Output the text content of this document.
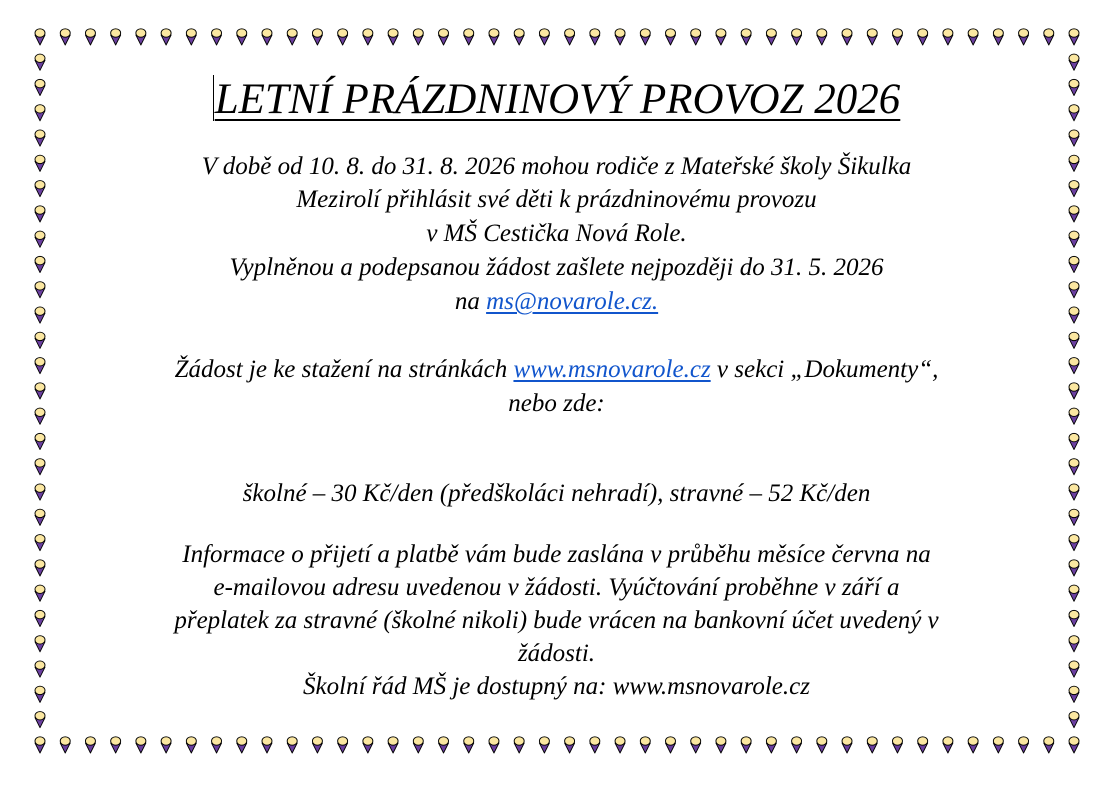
LETNÍ PRÁZDNINOVÝ PROVOZ 2026
V době od 10. 8. do 31. 8. 2026 mohou rodiče z Mateřské školy Šikulka
Mezirolí přihlásit své děti k prázdninovému provozu
v MŠ Cestička Nová Role.
Vyplněnou a podepsanou žádost zašlete nejpozději do 31. 5. 2026
na ms@novarole.cz.
Žádost je ke stažení na stránkách www.msnovarole.cz v sekci „Dokumenty“,
nebo zde:
školné – 30 Kč/den (předškoláci nehradí), stravné – 52 Kč/den
Informace o přijetí a platbě vám bude zaslána v průběhu měsíce června na
e-mailovou adresu uvedenou v žádosti. Vyúčtování proběhne v září a
přeplatek za stravné (školné nikoli) bude vrácen na bankovní účet uvedený v
žádosti.
Školní řád MŠ je dostupný na: www.msnovarole.cz
